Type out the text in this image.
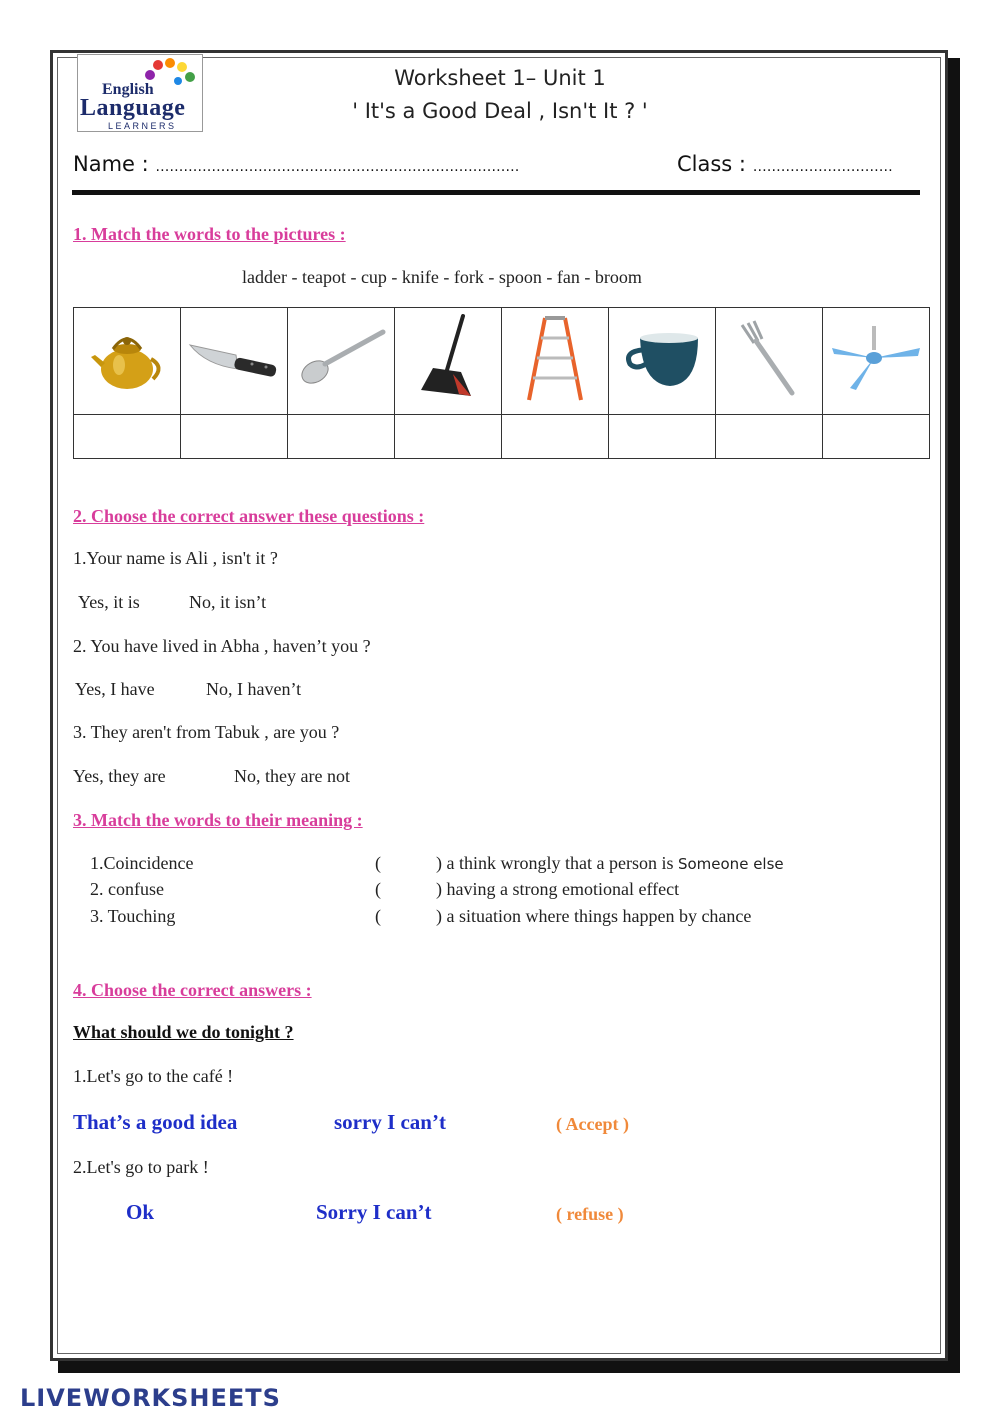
English
Language
LEARNERS
Worksheet 1– Unit 1
' It's a Good Deal , Isn't It ? '
Name : ……………………………………………………………………	Class : …………………………
1. Match the words to the pictures :
ladder - teapot - cup - knife - fork - spoon - fan - broom

2. Choose the correct answer these questions :
1.Your name is Ali , isn't it ?
Yes, it is	No, it isn’t
2. You have lived in Abha , haven’t you ?
Yes, I have	No, I haven’t
3. They aren't from Tabuk , are you ?
Yes, they are	No, they are not
3. Match the words to their meaning :
1.Coincidence	(	) a think wrongly that a person is Someone else
2. confuse	(	) having a strong emotional effect
3. Touching	(	) a situation where things happen by chance
4. Choose the correct answers :
What should we do tonight ?
1.Let's go to the café !
That’s a good idea	sorry I can’t	( Accept )
2.Let's go to park !
Ok	Sorry I can’t	( refuse )
LIVEWORKSHEETS
